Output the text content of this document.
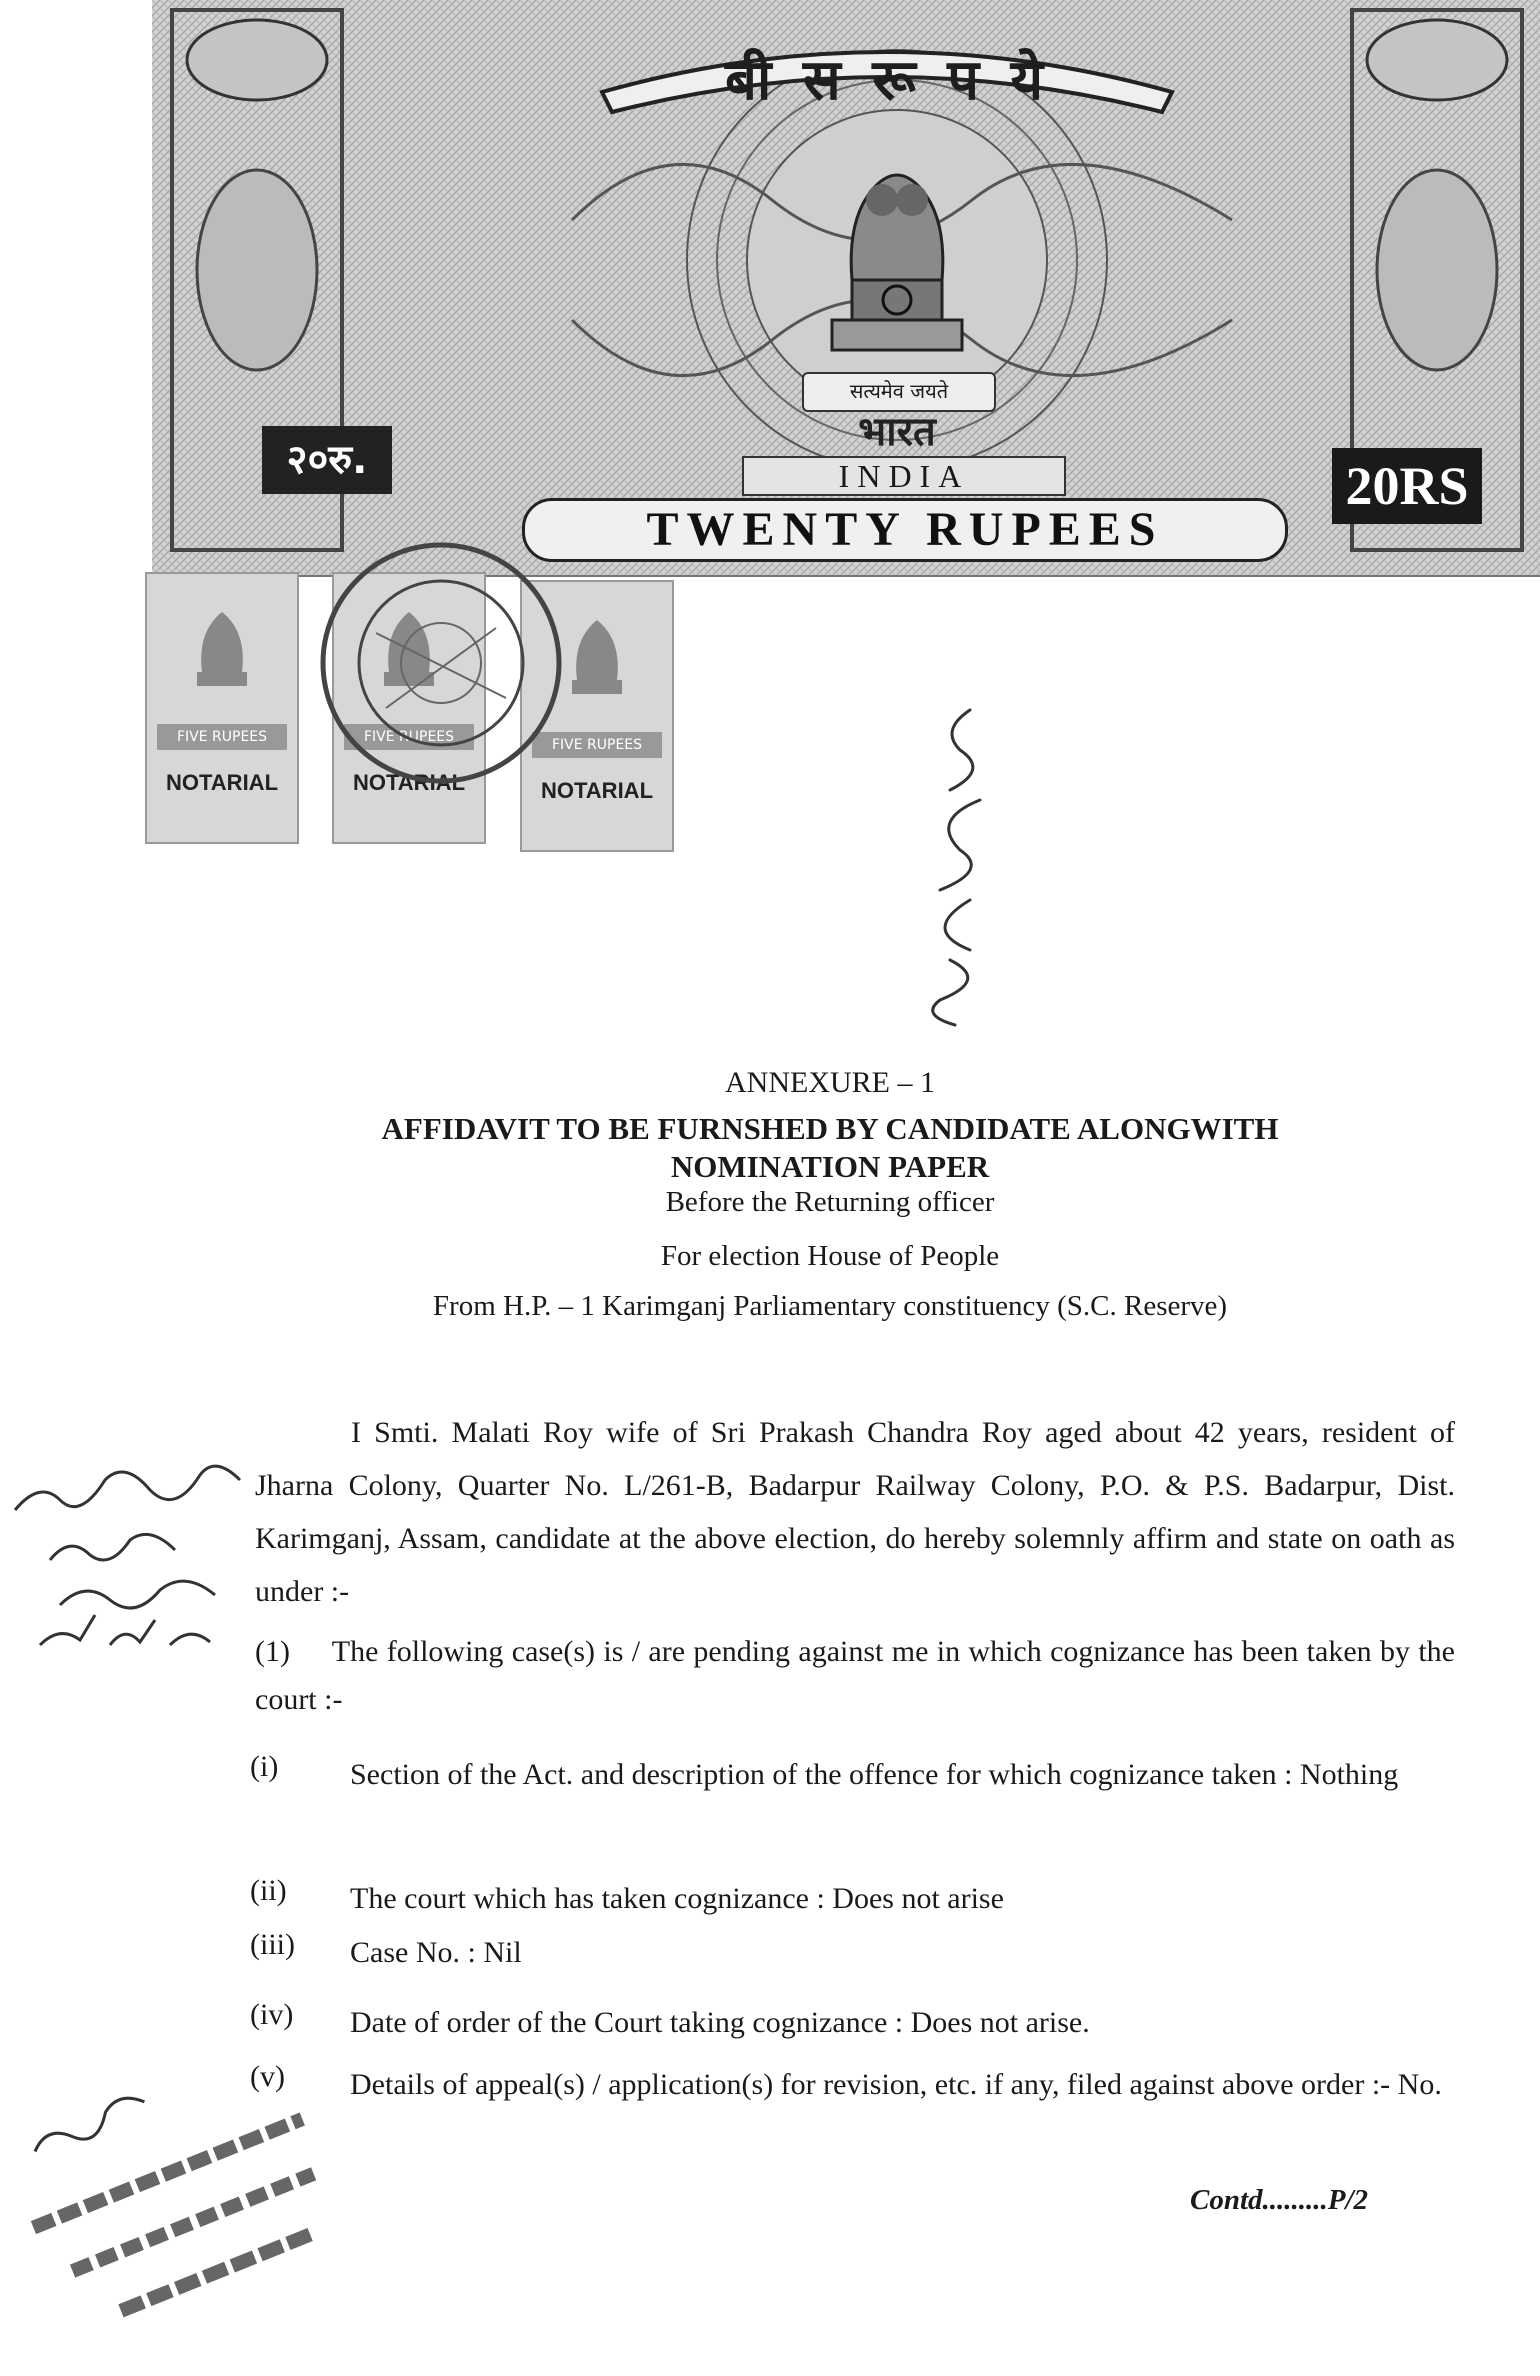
बी स रू प ये
सत्यमेव जयते
भारत
INDIA
TWENTY RUPEES
२०रु.	20RS
FIVE RUPEES
NOTARIAL
FIVE RUPEES
NOTARIAL
FIVE RUPEES
NOTARIAL
ANNEXURE – 1
AFFIDAVIT TO BE FURNSHED BY CANDIDATE ALONGWITH NOMINATION PAPER
Before the Returning officer
For election House of People
From H.P. – 1 Karimganj Parliamentary constituency (S.C. Reserve)
I Smti. Malati Roy wife of Sri Prakash Chandra Roy aged about 42 years, resident of Jharna Colony, Quarter No. L/261-B, Badarpur Railway Colony, P.O. & P.S. Badarpur, Dist. Karimganj, Assam, candidate at the above election, do hereby solemnly affirm and state on oath as under :-
(1) The following case(s) is / are pending against me in which cognizance has been taken by the court :-
(i) Section of the Act. and description of the offence for which cognizance taken : Nothing
(ii) The court which has taken cognizance : Does not arise
(iii) Case No. : Nil
(iv) Date of order of the Court taking cognizance : Does not arise.
(v) Details of appeal(s) / application(s) for revision, etc. if any, filed against above order :- No.
Contd.........P/2
